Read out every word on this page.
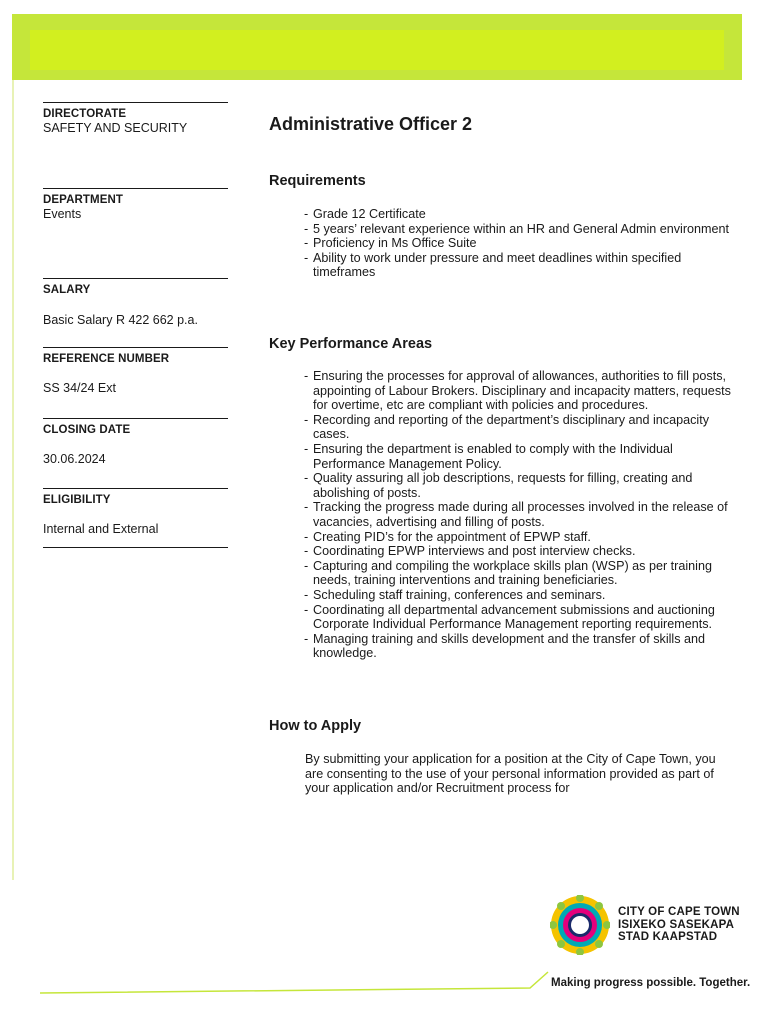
DIRECTORATE
SAFETY AND SECURITY
DEPARTMENT
Events
SALARY
Basic Salary R 422 662 p.a.
REFERENCE NUMBER
SS 34/24 Ext
CLOSING DATE
30.06.2024
ELIGIBILITY
Internal and External
Administrative Officer 2
Requirements
- Grade 12 Certificate
- 5 years’ relevant experience within an HR and General Admin environment
- Proficiency in Ms Office Suite
- Ability to work under pressure and meet deadlines within specified timeframes
Key Performance Areas
- Ensuring the processes for approval of allowances, authorities to fill posts, appointing of Labour Brokers. Disciplinary and incapacity matters, requests for overtime, etc are compliant with policies and procedures.
- Recording and reporting of the department’s disciplinary and incapacity cases.
- Ensuring the department is enabled to comply with the Individual Performance Management Policy.
- Quality assuring all job descriptions, requests for filling, creating and abolishing of posts.
- Tracking the progress made during all processes involved in the release of vacancies, advertising and filling of posts.
- Creating PID’s for the appointment of EPWP staff.
- Coordinating EPWP interviews and post interview checks.
- Capturing and compiling the workplace skills plan (WSP) as per training needs, training interventions and training beneficiaries.
- Scheduling staff training, conferences and seminars.
- Coordinating all departmental advancement submissions and auctioning Corporate Individual Performance Management reporting requirements.
- Managing training and skills development and the transfer of skills and knowledge.
How to Apply
By submitting your application for a position at the City of Cape Town, you are consenting to the use of your personal information provided as part of your application and/or Recruitment process for
CITY OF CAPE TOWN
ISIXEKO SASEKAPA
STAD KAAPSTAD
Making progress possible. Together.
